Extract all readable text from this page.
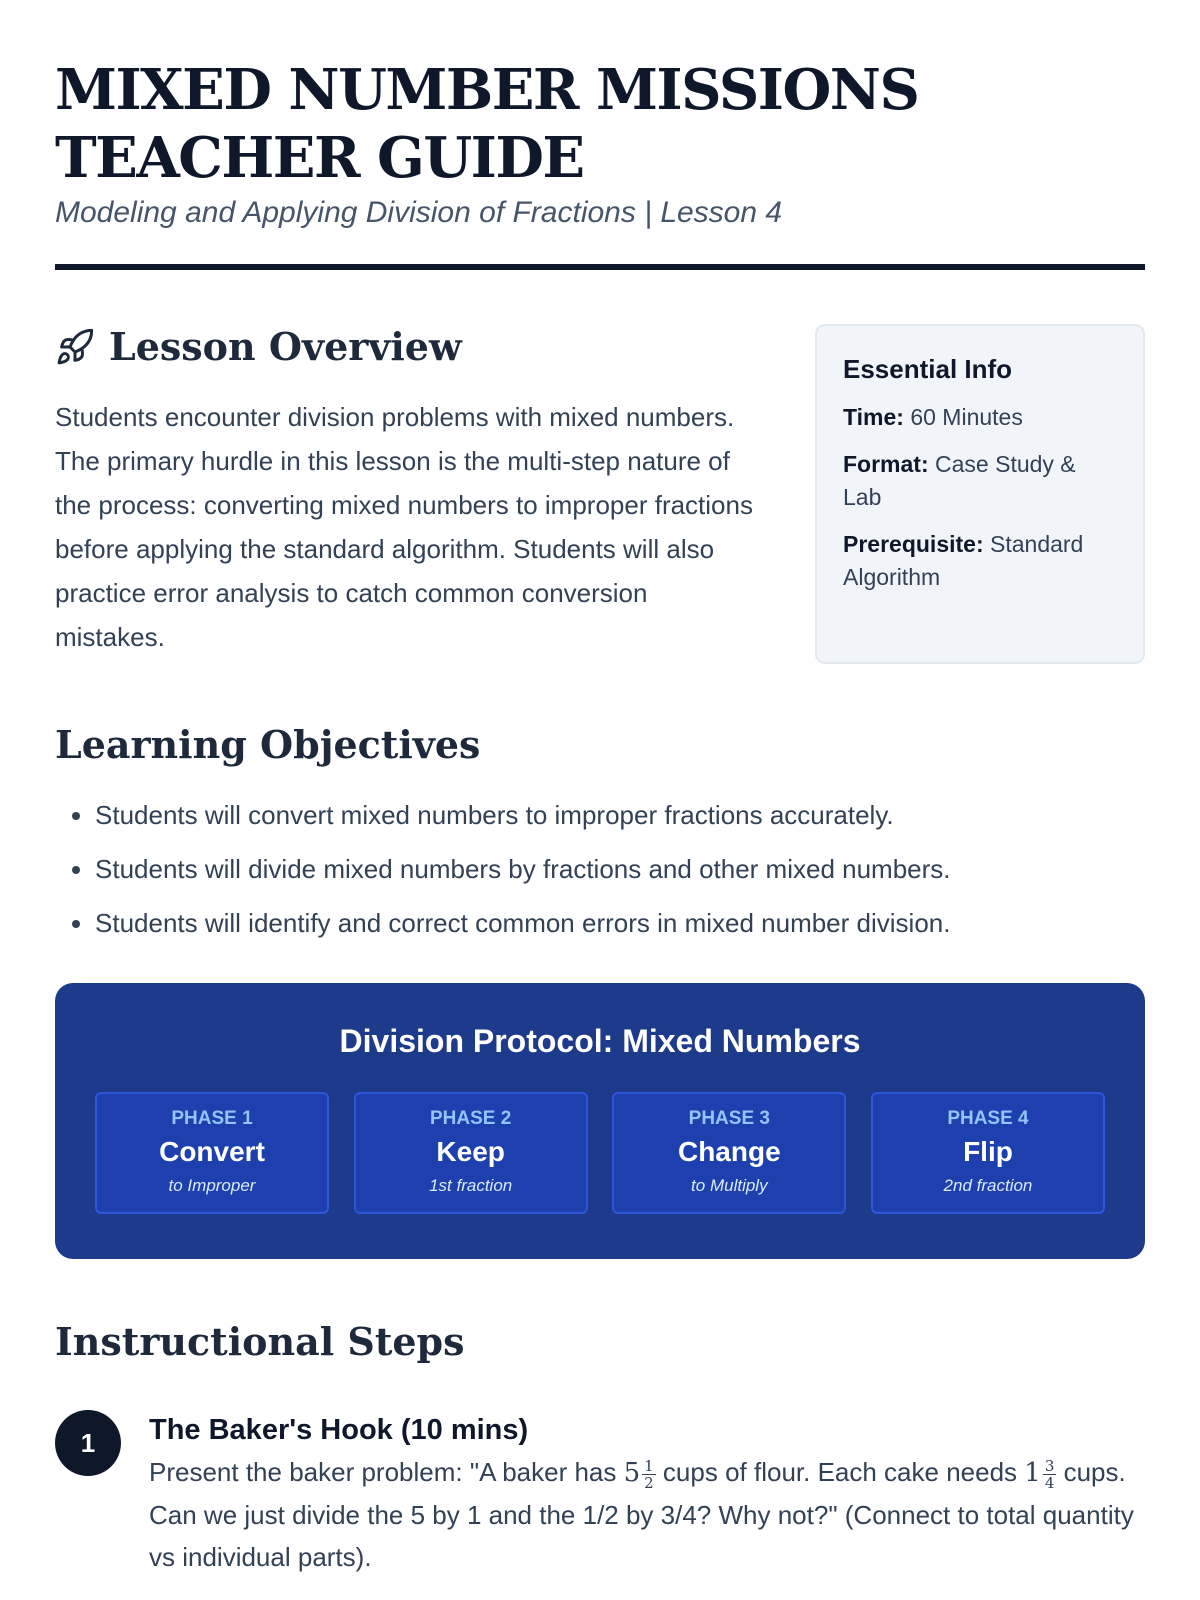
MIXED NUMBER MISSIONS TEACHER GUIDE
Modeling and Applying Division of Fractions | Lesson 4
Lesson Overview
Students encounter division problems with mixed numbers. The primary hurdle in this lesson is the multi-step nature of the process: converting mixed numbers to improper fractions before applying the standard algorithm. Students will also practice error analysis to catch common conversion mistakes.
Essential Info
Time: 60 Minutes
Format: Case Study & Lab
Prerequisite: Standard Algorithm
Learning Objectives
• Students will convert mixed numbers to improper fractions accurately.
• Students will divide mixed numbers by fractions and other mixed numbers.
• Students will identify and correct common errors in mixed number division.
Division Protocol: Mixed Numbers
PHASE 1
Convert
to Improper
PHASE 2
Keep
1st fraction
PHASE 3
Change
to Multiply
PHASE 4
Flip
2nd fraction
Instructional Steps
1	The Baker's Hook (10 mins)
Present the baker problem: "A baker has $5 \frac{1}{2}$ cups of flour. Each cake needs $1 \frac{3}{4}$ cups. Can we just divide the 5 by 1 and the 1/2 by 3/4? Why not?" (Connect to total quantity vs individual parts).
